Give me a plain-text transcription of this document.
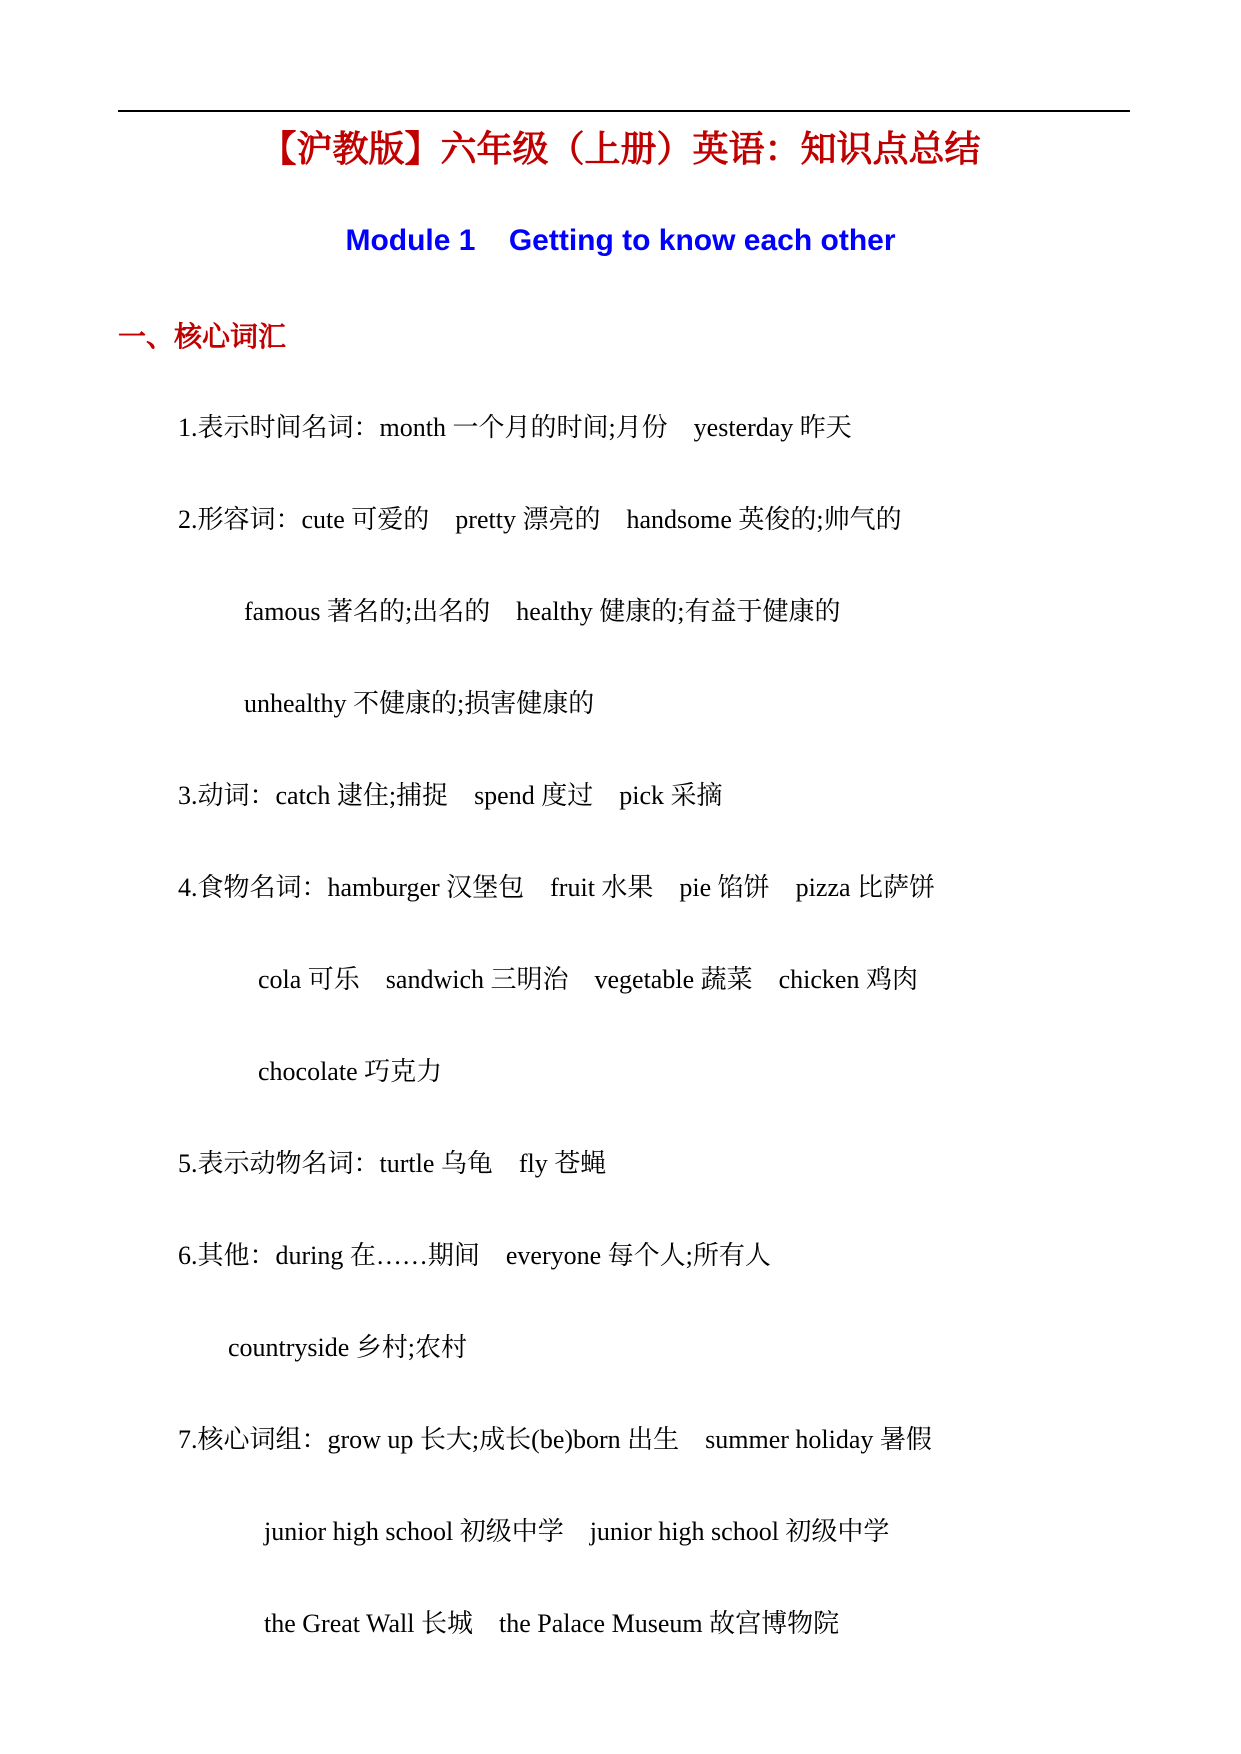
【沪教版】六年级（上册）英语：知识点总结
Module 1    Getting to know each other
一、核心词汇
1.表示时间名词：month 一个月的时间;月份    yesterday 昨天
2.形容词：cute 可爱的    pretty 漂亮的    handsome 英俊的;帅气的
famous 著名的;出名的    healthy 健康的;有益于健康的
unhealthy 不健康的;损害健康的
3.动词：catch 逮住;捕捉    spend 度过    pick 采摘
4.食物名词：hamburger 汉堡包    fruit 水果    pie 馅饼    pizza 比萨饼
cola 可乐    sandwich 三明治    vegetable 蔬菜    chicken 鸡肉
chocolate 巧克力
5.表示动物名词：turtle 乌龟    fly 苍蝇
6.其他：during 在……期间    everyone 每个人;所有人
countryside 乡村;农村
7.核心词组：grow up 长大;成长(be)born 出生    summer holiday 暑假
junior high school 初级中学    junior high school 初级中学
the Great Wall 长城    the Palace Museum 故宫博物院
